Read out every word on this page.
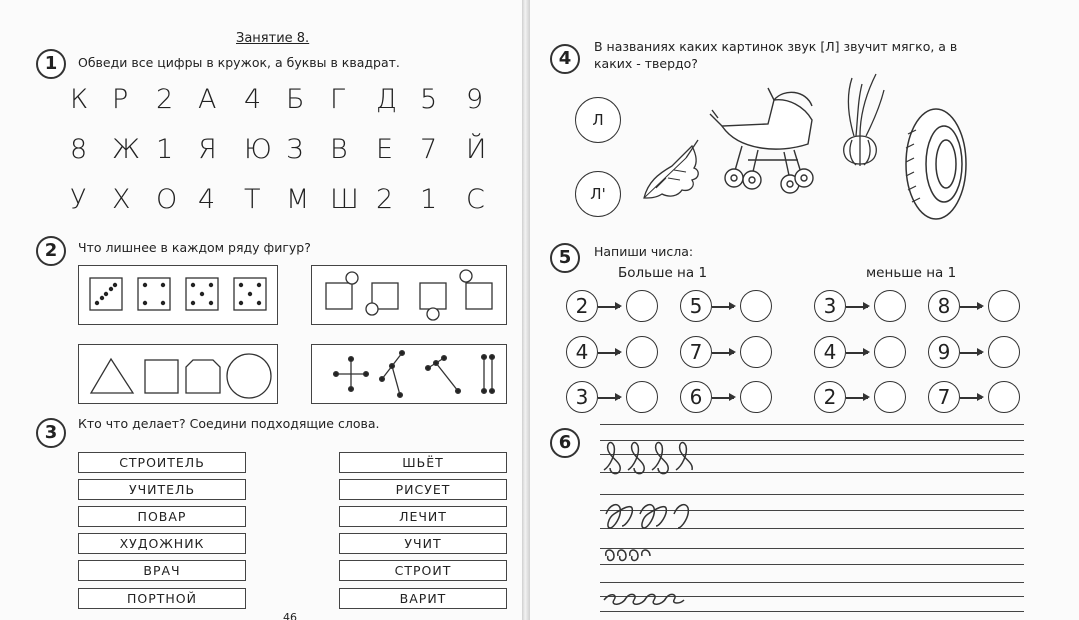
Занятие 8.
1	Обведи все цифры в кружок, а буквы в квадрат.
К Р 2 А 4 Б Г Д 5 9
8 Ж 1 Я Ю З В Е 7 Й
У Х О 4 Т М Ш 2 1 С
2	Что лишнее в каждом ряду фигур?
3	Кто что делает? Соедини подходящие слова.
СТРОИТЕЛЬ
УЧИТЕЛЬ
ПОВАР
ХУДОЖНИК
ВРАЧ
ПОРТНОЙ
ШЬЁТ
РИСУЕТ
ЛЕЧИТ
УЧИТ
СТРОИТ
ВАРИТ
46
4
В названиях каких картинок звук [Л] звучит мягко, а в
каких - твердо?
Л
Л'
5	Напиши числа:
Больше на 1	меньше на 1
2	5
4	7
3	6
3	8
4	9
2	7
6
